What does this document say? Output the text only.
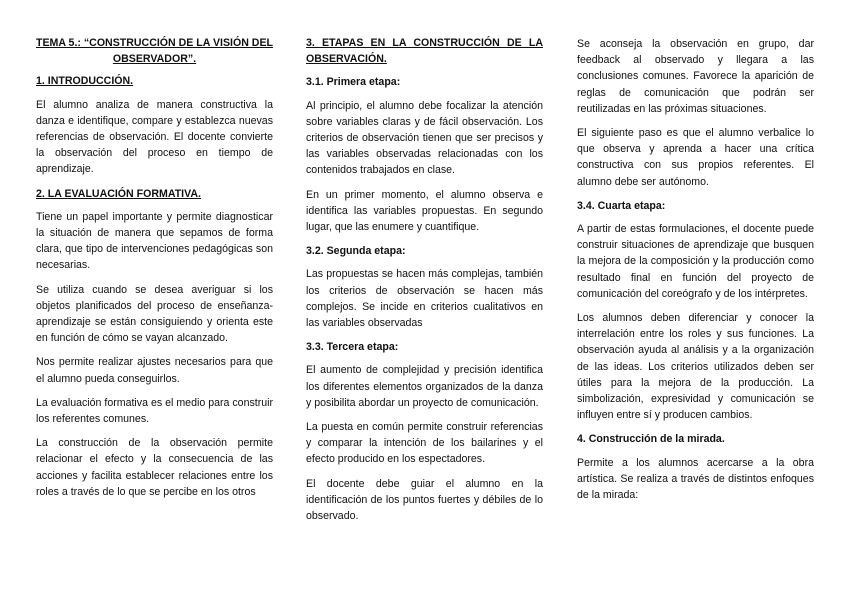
TEMA 5.: “CONSTRUCCIÓN DE LA VISIÓN DEL OBSERVADOR”.
1. INTRODUCCIÓN.

El alumno analiza de manera constructiva la danza e identifique, compare y establezca nuevas referencias de observación. El docente convierte la observación del proceso en tiempo de aprendizaje.

2. LA EVALUACIÓN FORMATIVA.

Tiene un papel importante y permite diagnosticar la situación de manera que sepamos de forma clara, que tipo de intervenciones pedagógicas son necesarias.

Se utiliza cuando se desea averiguar si los objetos planificados del proceso de enseñanza-aprendizaje se están consiguiendo y orienta este en función de cómo se vayan alcanzado.

Nos permite realizar ajustes necesarios para que el alumno pueda conseguirlos.

La evaluación formativa es el medio para construir los referentes comunes.

La construcción de la observación permite relacionar el efecto y la consecuencia de las acciones y facilita establecer relaciones entre los roles a través de lo que se percibe en los otros

3. ETAPAS EN LA CONSTRUCCIÓN DE LA OBSERVACIÓN.
3.1. Primera etapa:

Al principio, el alumno debe focalizar la atención sobre variables claras y de fácil observación. Los criterios de observación tienen que ser precisos y las variables observadas relacionadas con los contenidos trabajados en clase.

En un primer momento, el alumno observa e identifica las variables propuestas. En segundo lugar, que las enumere y cuantifique.

3.2. Segunda etapa:

Las propuestas se hacen más complejas, también los criterios de observación se hacen más complejos. Se incide en criterios cualitativos en las variables observadas

3.3. Tercera etapa:

El aumento de complejidad y precisión identifica los diferentes elementos organizados de la danza y posibilita abordar un proyecto de comunicación.

La puesta en común permite construir referencias y comparar la intención de los bailarines y el efecto producido en los espectadores.

El docente debe guiar el alumno en la identificación de los puntos fuertes y débiles de lo observado.

Se aconseja la observación en grupo, dar feedback al observado y llegara a las conclusiones comunes. Favorece la aparición de reglas de comunicación que podrán ser reutilizadas en las próximas situaciones.

El siguiente paso es que el alumno verbalice lo que observa y aprenda a hacer una crítica constructiva con sus propios referentes. El alumno debe ser autónomo.

3.4. Cuarta etapa:

A partir de estas formulaciones, el docente puede construir situaciones de aprendizaje que busquen la mejora de la composición y la producción como resultado final en función del proyecto de comunicación del coreógrafo y de los intérpretes.

Los alumnos deben diferenciar y conocer la interrelación entre los roles y sus funciones. La observación ayuda al análisis y a la organización de las ideas. Los criterios utilizados deben ser útiles para la mejora de la producción. La simbolización, expresividad y comunicación se influyen entre sí y producen cambios.

4. Construcción de la mirada.

Permite a los alumnos acercarse a la obra artística. Se realiza a través de distintos enfoques de la mirada:
